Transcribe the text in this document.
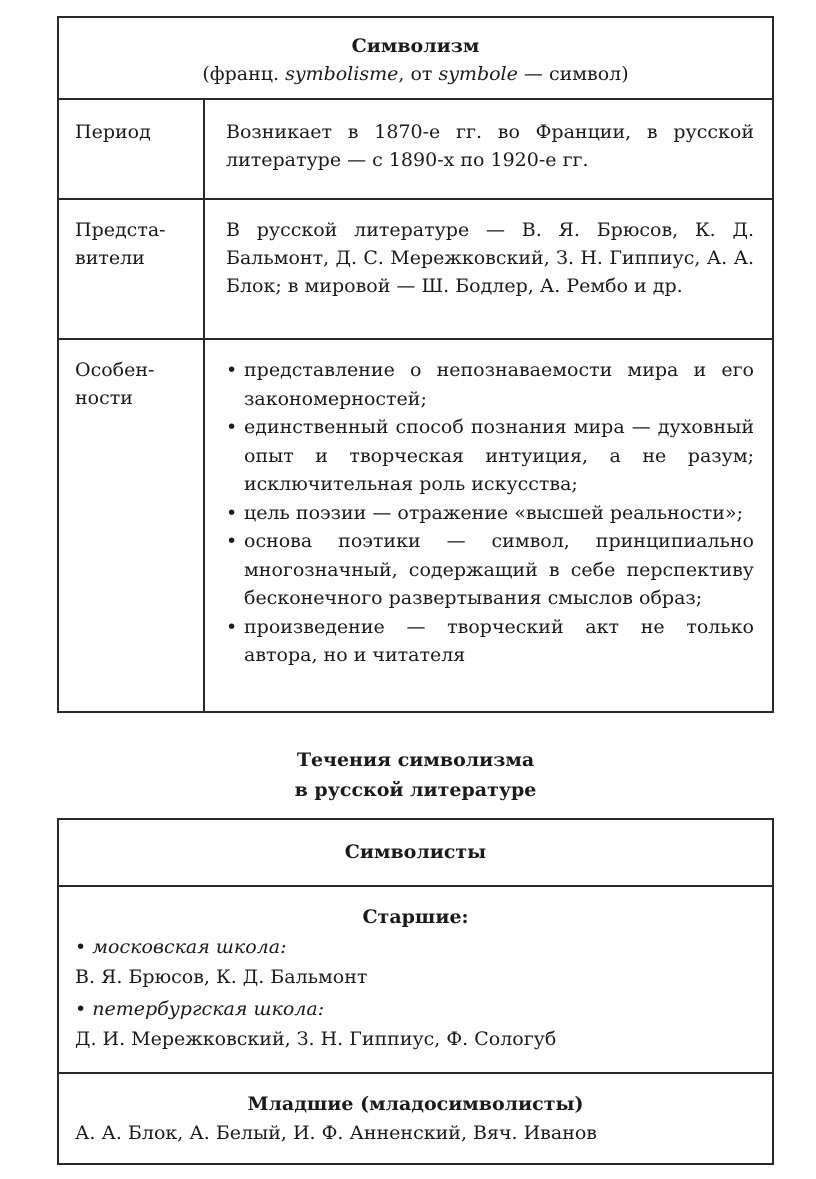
Символизм
(франц. symbolisme, от symbole — символ)
Период	Возникает в 1870-е гг. во Франции, в русской литературе — с 1890-х по 1920-е гг.
Предста-
вители
В русской литературе — В. Я. Брюсов, К. Д. Бальмонт, Д. С. Мережковский, З. Н. Гиппиус, А. А. Блок; в мировой — Ш. Бодлер, А. Рембо и др.
Особен-
ности
• представление о непознаваемости мира и его закономерностей;
• единственный способ познания мира — духовный опыт и творческая интуиция, а не разум; исключительная роль искусства;
• цель поэзии — отражение «высшей реальности»;
• основа поэтики — символ, принципиально многозначный, содержащий в себе перспективу бесконечного развертывания смыслов образ;
• произведение — творческий акт не только автора, но и читателя
Течения символизма
в русской литературе
Символисты
Старшие:
• московская школа:
В. Я. Брюсов, К. Д. Бальмонт
• петербургская школа:
Д. И. Мережковский, З. Н. Гиппиус, Ф. Сологуб
Младшие (младосимволисты)
А. А. Блок, А. Белый, И. Ф. Анненский, Вяч. Иванов
